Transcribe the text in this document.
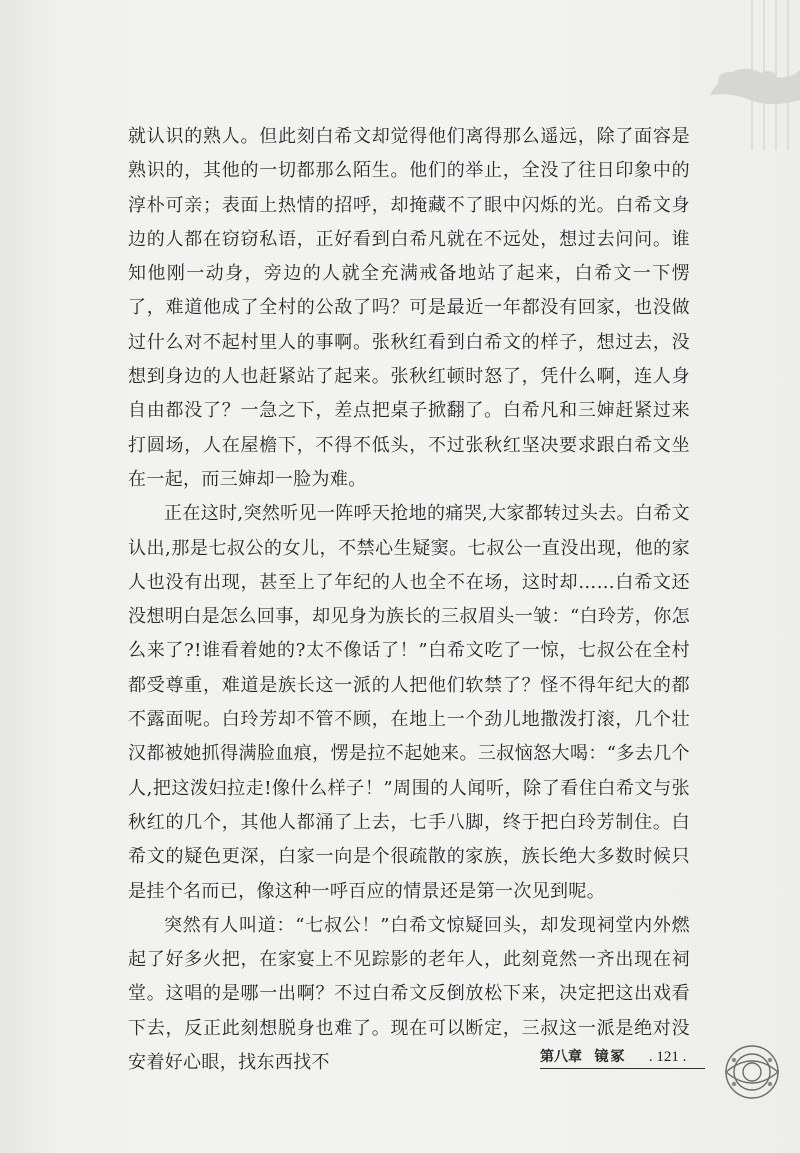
就认识的熟人。但此刻白希文却觉得他们离得那么遥远，除了面容是熟识的，其他的一切都那么陌生。他们的举止，全没了往日印象中的淳朴可亲；表面上热情的招呼，却掩藏不了眼中闪烁的光。白希文身边的人都在窃窃私语，正好看到白希凡就在不远处，想过去问问。谁知他刚一动身，旁边的人就全充满戒备地站了起来，白希文一下愣了，难道他成了全村的公敌了吗？可是最近一年都没有回家，也没做过什么对不起村里人的事啊。张秋红看到白希文的样子，想过去，没想到身边的人也赶紧站了起来。张秋红顿时怒了，凭什么啊，连人身自由都没了？一急之下，差点把桌子掀翻了。白希凡和三婶赶紧过来打圆场，人在屋檐下，不得不低头，不过张秋红坚决要求跟白希文坐在一起，而三婶却一脸为难。

正在这时,突然听见一阵呼天抢地的痛哭,大家都转过头去。白希文认出,那是七叔公的女儿，不禁心生疑窦。七叔公一直没出现，他的家人也没有出现，甚至上了年纪的人也全不在场，这时却……白希文还没想明白是怎么回事，却见身为族长的三叔眉头一皱：“白玲芳，你怎么来了?!谁看着她的?太不像话了！”白希文吃了一惊，七叔公在全村都受尊重，难道是族长这一派的人把他们软禁了？怪不得年纪大的都不露面呢。白玲芳却不管不顾，在地上一个劲儿地撒泼打滚，几个壮汉都被她抓得满脸血痕，愣是拉不起她来。三叔恼怒大喝：“多去几个人,把这泼妇拉走!像什么样子！”周围的人闻听，除了看住白希文与张秋红的几个，其他人都涌了上去，七手八脚，终于把白玲芳制住。白希文的疑色更深，白家一向是个很疏散的家族，族长绝大多数时候只是挂个名而已，像这种一呼百应的情景还是第一次见到呢。

突然有人叫道：“七叔公！”白希文惊疑回头，却发现祠堂内外燃起了好多火把，在家宴上不见踪影的老年人，此刻竟然一齐出现在祠堂。这唱的是哪一出啊？不过白希文反倒放松下来，决定把这出戏看下去，反正此刻想脱身也难了。现在可以断定，三叔这一派是绝对没安着好心眼，找东西找不	第八章 镜冢 . 121 .
